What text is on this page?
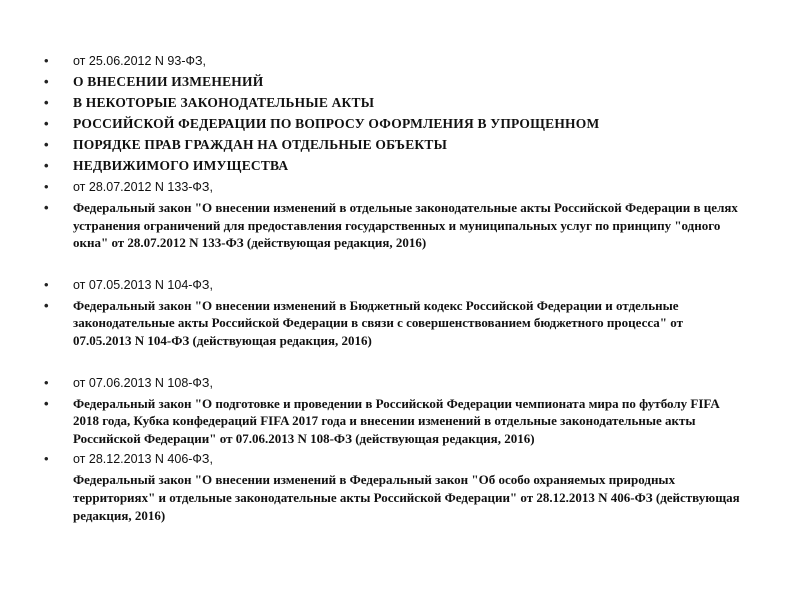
• от 25.06.2012 N 93-ФЗ,
• О ВНЕСЕНИИ ИЗМЕНЕНИЙ
• В НЕКОТОРЫЕ ЗАКОНОДАТЕЛЬНЫЕ АКТЫ
• РОССИЙСКОЙ ФЕДЕРАЦИИ ПО ВОПРОСУ ОФОРМЛЕНИЯ В УПРОЩЕННОМ
• ПОРЯДКЕ ПРАВ ГРАЖДАН НА ОТДЕЛЬНЫЕ ОБЪЕКТЫ
• НЕДВИЖИМОГО ИМУЩЕСТВА
• от 28.07.2012 N 133-ФЗ,
• Федеральный закон "О внесении изменений в отдельные законодательные акты Российской Федерации в целях устранения ограничений для предоставления государственных и муниципальных услуг по принципу "одного окна" от 28.07.2012 N 133-ФЗ (действующая редакция, 2016)
• от 07.05.2013 N 104-ФЗ,
• Федеральный закон "О внесении изменений в Бюджетный кодекс Российской Федерации и отдельные законодательные акты Российской Федерации в связи с совершенствованием бюджетного процесса" от 07.05.2013 N 104-ФЗ (действующая редакция, 2016)
• от 07.06.2013 N 108-ФЗ,
• Федеральный закон "О подготовке и проведении в Российской Федерации чемпионата мира по футболу FIFA 2018 года, Кубка конфедераций FIFA 2017 года и внесении изменений в отдельные законодательные акты Российской Федерации" от 07.06.2013 N 108-ФЗ (действующая редакция, 2016)
• от 28.12.2013 N 406-ФЗ,
Федеральный закон "О внесении изменений в Федеральный закон "Об особо охраняемых природных территориях" и отдельные законодательные акты Российской Федерации" от 28.12.2013 N 406-ФЗ (действующая редакция, 2016)
